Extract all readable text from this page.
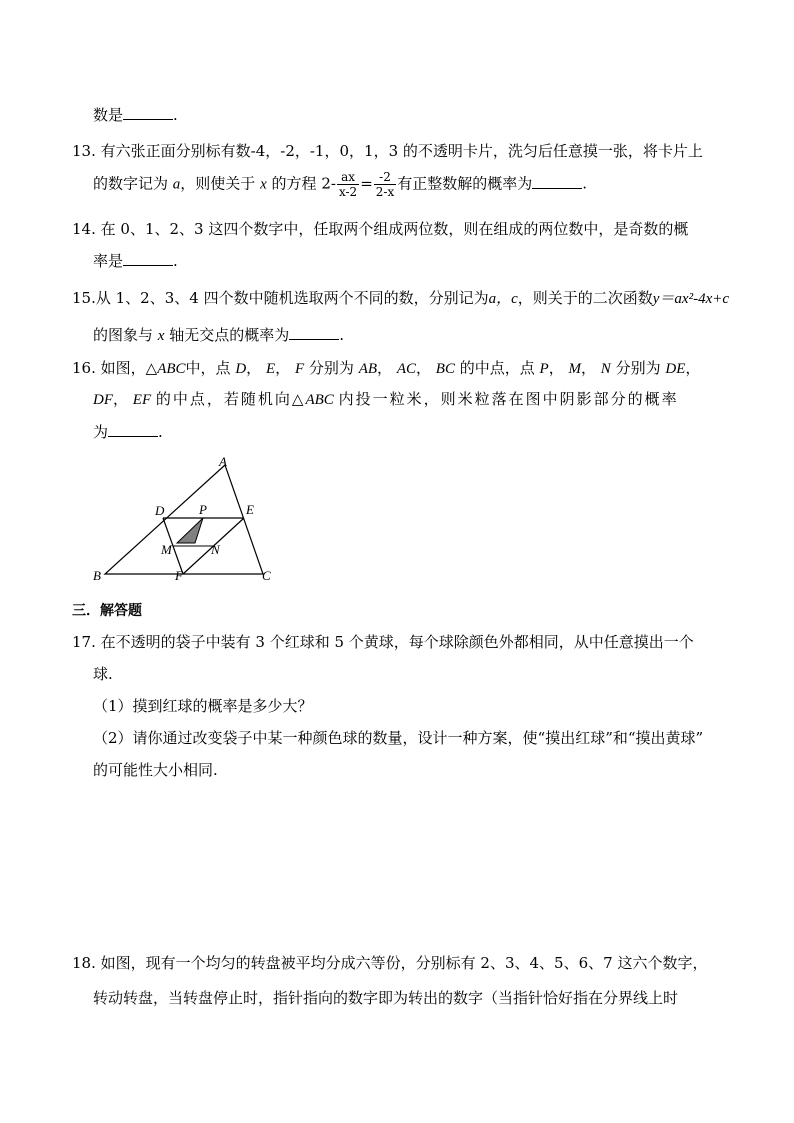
数是	.
13. 有六张正面分别标有数-4，-2，-1，0，1，3 的不透明卡片，洗匀后任意摸一张，将卡片上
的数字记为 a，则使关于 x 的方程 $2- \frac{ax}{x-2} = \frac{-2}{2-x}$ 有正整数解的概率为	.
14. 在 0、1、2、3 这四个数字中，任取两个组成两位数，则在组成的两位数中，是奇数的概
率是	.
15.从 1、2、3、4 四个数中随机选取两个不同的数，分别记为a，c，则关于的二次函数y＝ax²-4x+c
的图象与 x 轴无交点的概率为	.
16. 如图，△ABC中，点 D， E， F 分别为 AB， AC， BC 的中点，点 P， M， N 分别为 DE，
DF， EF 的中点，若随机向△ABC 内投一粒米，则米粒落在图中阴影部分的概率
为	.
A
B	C
D	E
F
P
M	N
三．解答题
17. 在不透明的袋子中装有 3 个红球和 5 个黄球，每个球除颜色外都相同，从中任意摸出一个
球.
（1）摸到红球的概率是多少大？
（2）请你通过改变袋子中某一种颜色球的数量，设计一种方案，使“摸出红球”和“摸出黄球”
的可能性大小相同.
18. 如图，现有一个均匀的转盘被平均分成六等份，分别标有 2、3、4、5、6、7 这六个数字，
转动转盘，当转盘停止时，指针指向的数字即为转出的数字（当指针恰好指在分界线上时
